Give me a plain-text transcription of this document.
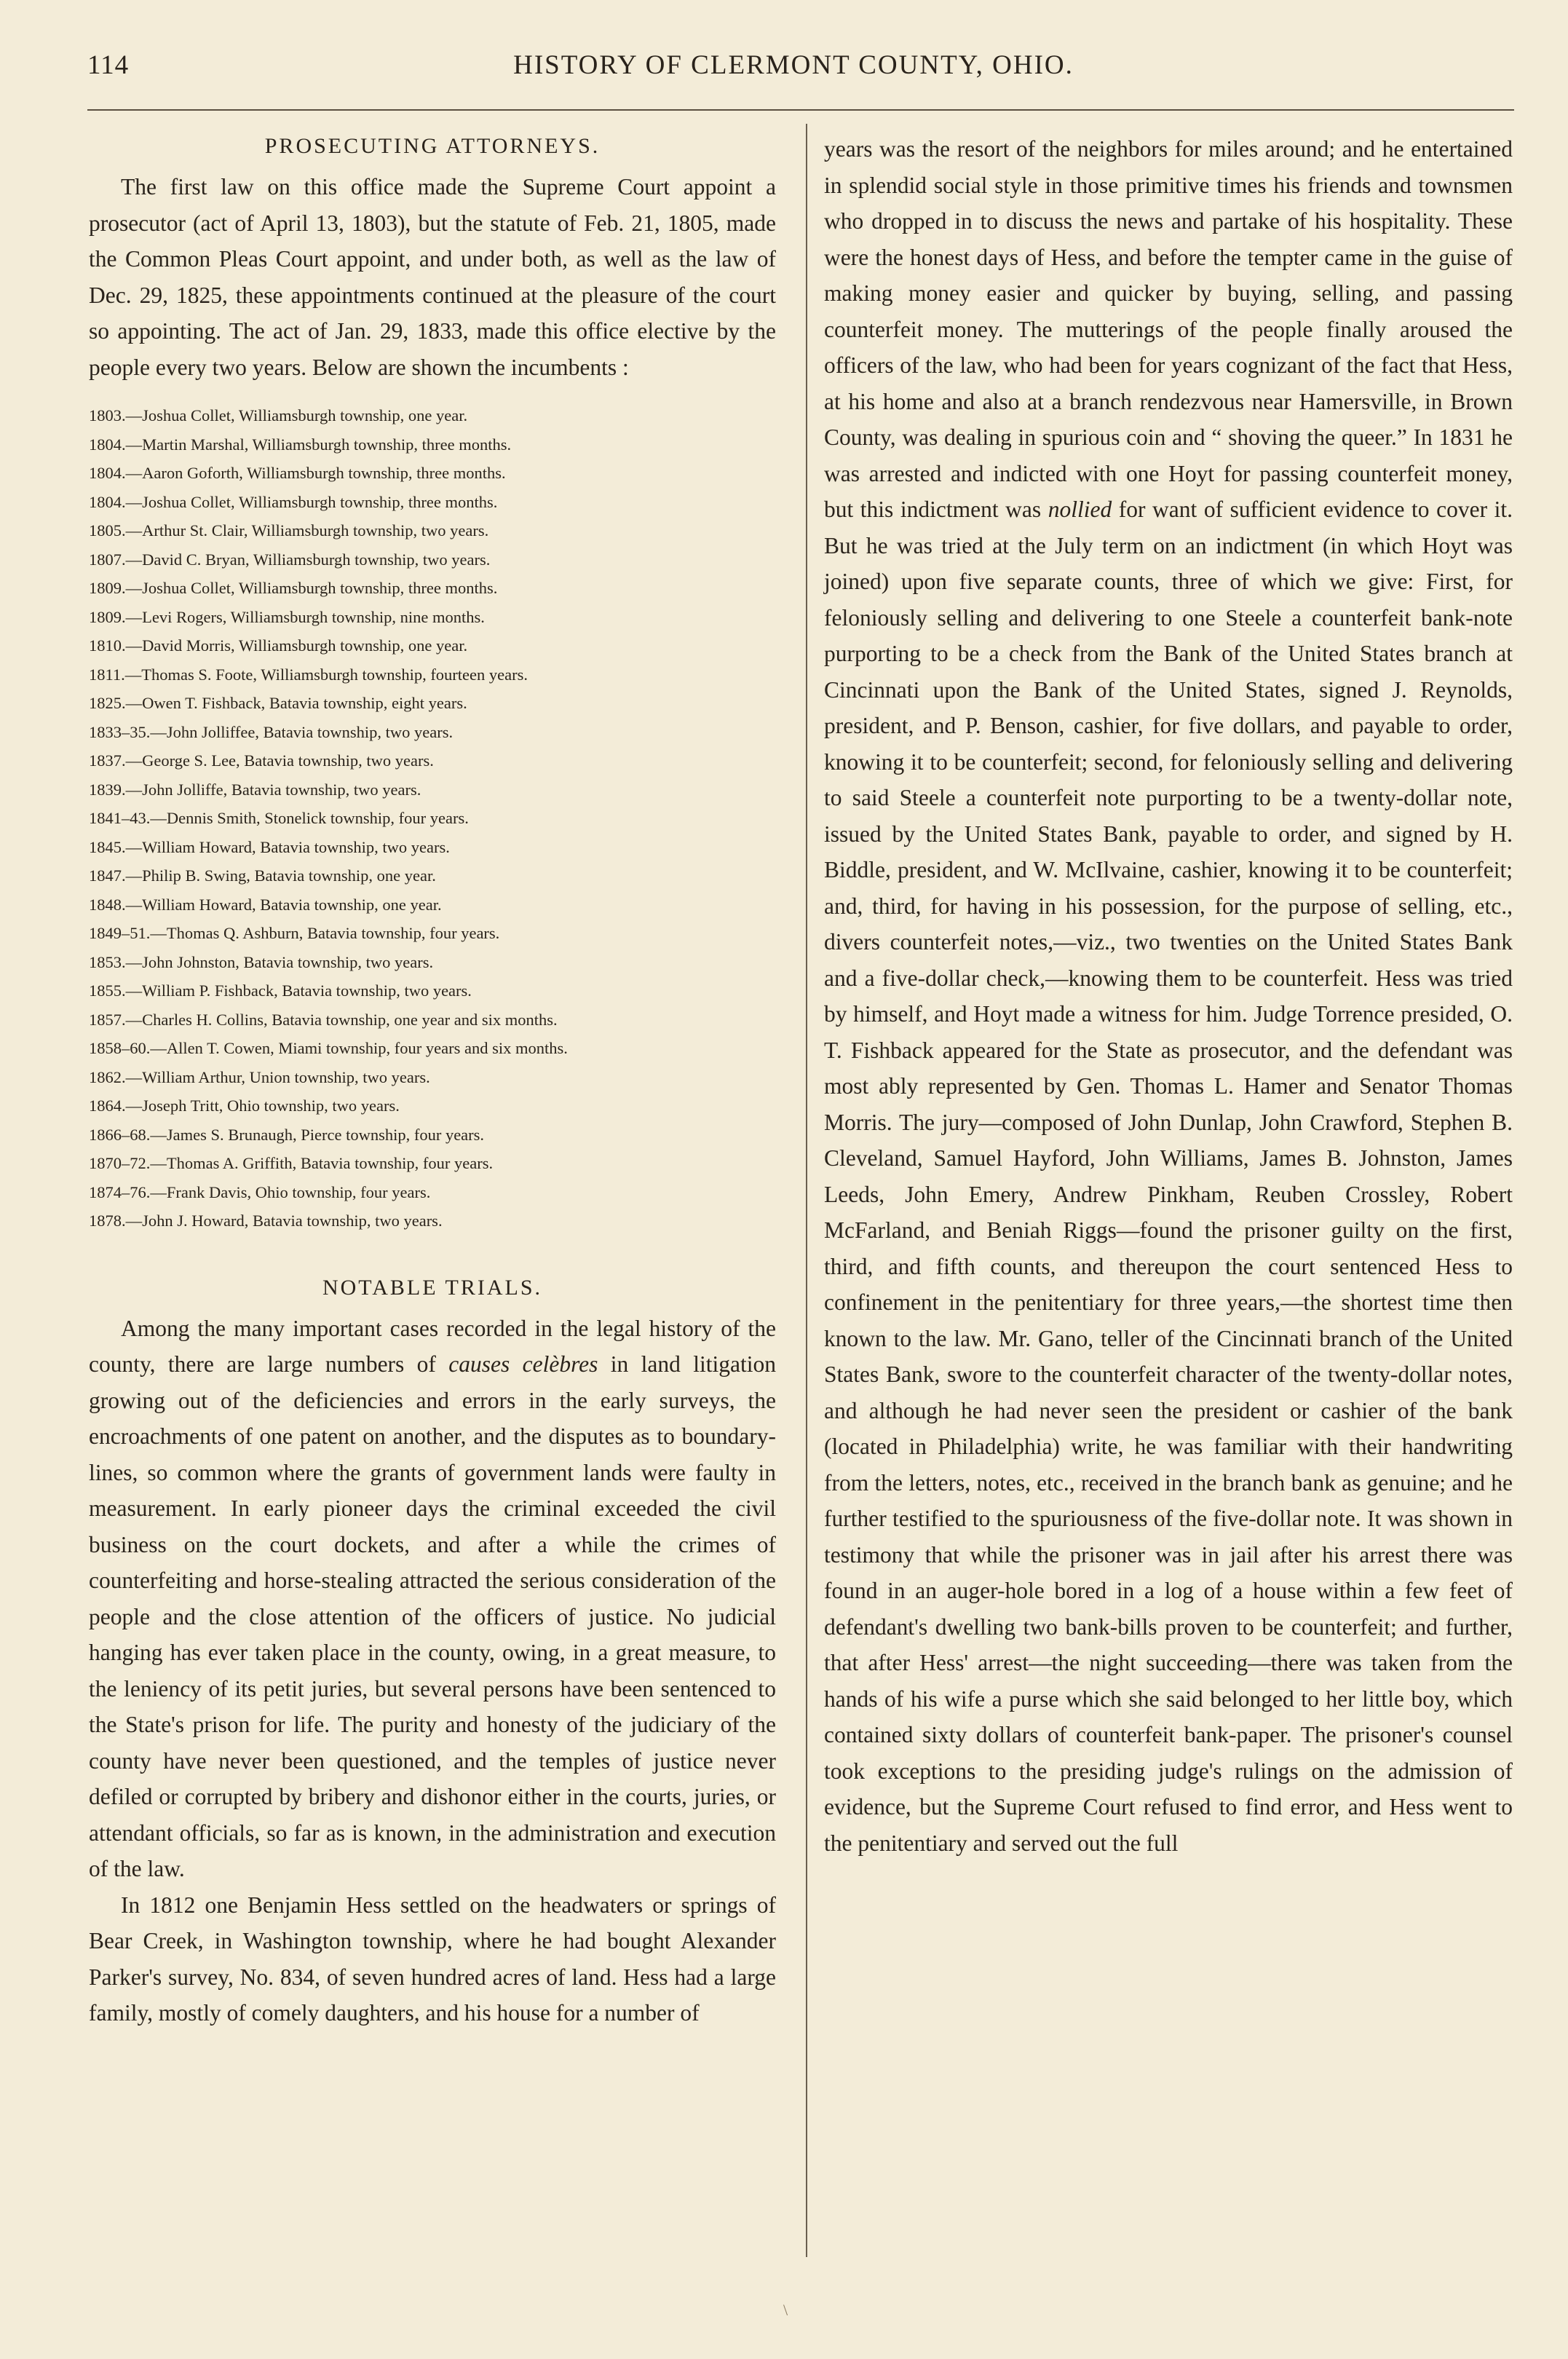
114	HISTORY OF CLERMONT COUNTY, OHIO.
PROSECUTING ATTORNEYS.

The first law on this office made the Supreme Court appoint a prosecutor (act of April 13, 1803), but the statute of Feb. 21, 1805, made the Common Pleas Court appoint, and under both, as well as the law of Dec. 29, 1825, these appointments continued at the pleasure of the court so appointing. The act of Jan. 29, 1833, made this office elective by the people every two years. Below are shown the incumbents :

1803.—Joshua Collet, Williamsburgh township, one year.
1804.—Martin Marshal, Williamsburgh township, three months.
1804.—Aaron Goforth, Williamsburgh township, three months.
1804.—Joshua Collet, Williamsburgh township, three months.
1805.—Arthur St. Clair, Williamsburgh township, two years.
1807.—David C. Bryan, Williamsburgh township, two years.
1809.—Joshua Collet, Williamsburgh township, three months.
1809.—Levi Rogers, Williamsburgh township, nine months.
1810.—David Morris, Williamsburgh township, one year.
1811.—Thomas S. Foote, Williamsburgh township, fourteen years.
1825.—Owen T. Fishback, Batavia township, eight years.
1833–35.—John Jolliffee, Batavia township, two years.
1837.—George S. Lee, Batavia township, two years.
1839.—John Jolliffe, Batavia township, two years.
1841–43.—Dennis Smith, Stonelick township, four years.
1845.—William Howard, Batavia township, two years.
1847.—Philip B. Swing, Batavia township, one year.
1848.—William Howard, Batavia township, one year.
1849–51.—Thomas Q. Ashburn, Batavia township, four years.
1853.—John Johnston, Batavia township, two years.
1855.—William P. Fishback, Batavia township, two years.
1857.—Charles H. Collins, Batavia township, one year and six months.
1858–60.—Allen T. Cowen, Miami township, four years and six months.
1862.—William Arthur, Union township, two years.
1864.—Joseph Tritt, Ohio township, two years.
1866–68.—James S. Brunaugh, Pierce township, four years.
1870–72.—Thomas A. Griffith, Batavia township, four years.
1874–76.—Frank Davis, Ohio township, four years.
1878.—John J. Howard, Batavia township, two years.
NOTABLE TRIALS.

Among the many important cases recorded in the legal history of the county, there are large numbers of causes celèbres in land litigation growing out of the deficiencies and errors in the early surveys, the encroachments of one patent on another, and the disputes as to boundary-lines, so common where the grants of government lands were faulty in measurement. In early pioneer days the criminal exceeded the civil business on the court dockets, and after a while the crimes of counterfeiting and horse-stealing attracted the serious consideration of the people and the close attention of the officers of justice. No judicial hanging has ever taken place in the county, owing, in a great measure, to the leniency of its petit juries, but several persons have been sentenced to the State's prison for life. The purity and honesty of the judiciary of the county have never been questioned, and the temples of justice never defiled or corrupted by bribery and dishonor either in the courts, juries, or attendant officials, so far as is known, in the administration and execution of the law.

In 1812 one Benjamin Hess settled on the headwaters or springs of Bear Creek, in Washington township, where he had bought Alexander Parker's survey, No. 834, of seven hundred acres of land. Hess had a large family, mostly of comely daughters, and his house for a number of

years was the resort of the neighbors for miles around; and he entertained in splendid social style in those primitive times his friends and townsmen who dropped in to discuss the news and partake of his hospitality. These were the honest days of Hess, and before the tempter came in the guise of making money easier and quicker by buying, selling, and passing counterfeit money. The mutterings of the people finally aroused the officers of the law, who had been for years cognizant of the fact that Hess, at his home and also at a branch rendezvous near Hamersville, in Brown County, was dealing in spurious coin and “ shoving the queer.” In 1831 he was arrested and indicted with one Hoyt for passing counterfeit money, but this indictment was nollied for want of sufficient evidence to cover it. But he was tried at the July term on an indictment (in which Hoyt was joined) upon five separate counts, three of which we give: First, for feloniously selling and delivering to one Steele a counterfeit bank-note purporting to be a check from the Bank of the United States branch at Cincinnati upon the Bank of the United States, signed J. Reynolds, president, and P. Benson, cashier, for five dollars, and payable to order, knowing it to be counterfeit; second, for feloniously selling and delivering to said Steele a counterfeit note purporting to be a twenty-dollar note, issued by the United States Bank, payable to order, and signed by H. Biddle, president, and W. McIlvaine, cashier, knowing it to be counterfeit; and, third, for having in his possession, for the purpose of selling, etc., divers counterfeit notes,—viz., two twenties on the United States Bank and a five-dollar check,—knowing them to be counterfeit. Hess was tried by himself, and Hoyt made a witness for him. Judge Torrence presided, O. T. Fishback appeared for the State as prosecutor, and the defendant was most ably represented by Gen. Thomas L. Hamer and Senator Thomas Morris. The jury—composed of John Dunlap, John Crawford, Stephen B. Cleveland, Samuel Hayford, John Williams, James B. Johnston, James Leeds, John Emery, Andrew Pinkham, Reuben Crossley, Robert McFarland, and Beniah Riggs—found the prisoner guilty on the first, third, and fifth counts, and thereupon the court sentenced Hess to confinement in the penitentiary for three years,—the shortest time then known to the law. Mr. Gano, teller of the Cincinnati branch of the United States Bank, swore to the counterfeit character of the twenty-dollar notes, and although he had never seen the president or cashier of the bank (located in Philadelphia) write, he was familiar with their handwriting from the letters, notes, etc., received in the branch bank as genuine; and he further testified to the spuriousness of the five-dollar note. It was shown in testimony that while the prisoner was in jail after his arrest there was found in an auger-hole bored in a log of a house within a few feet of defendant's dwelling two bank-bills proven to be counterfeit; and further, that after Hess' arrest—the night succeeding—there was taken from the hands of his wife a purse which she said belonged to her little boy, which contained sixty dollars of counterfeit bank-paper. The prisoner's counsel took exceptions to the presiding judge's rulings on the admission of evidence, but the Supreme Court refused to find error, and Hess went to the penitentiary and served out the full

\
